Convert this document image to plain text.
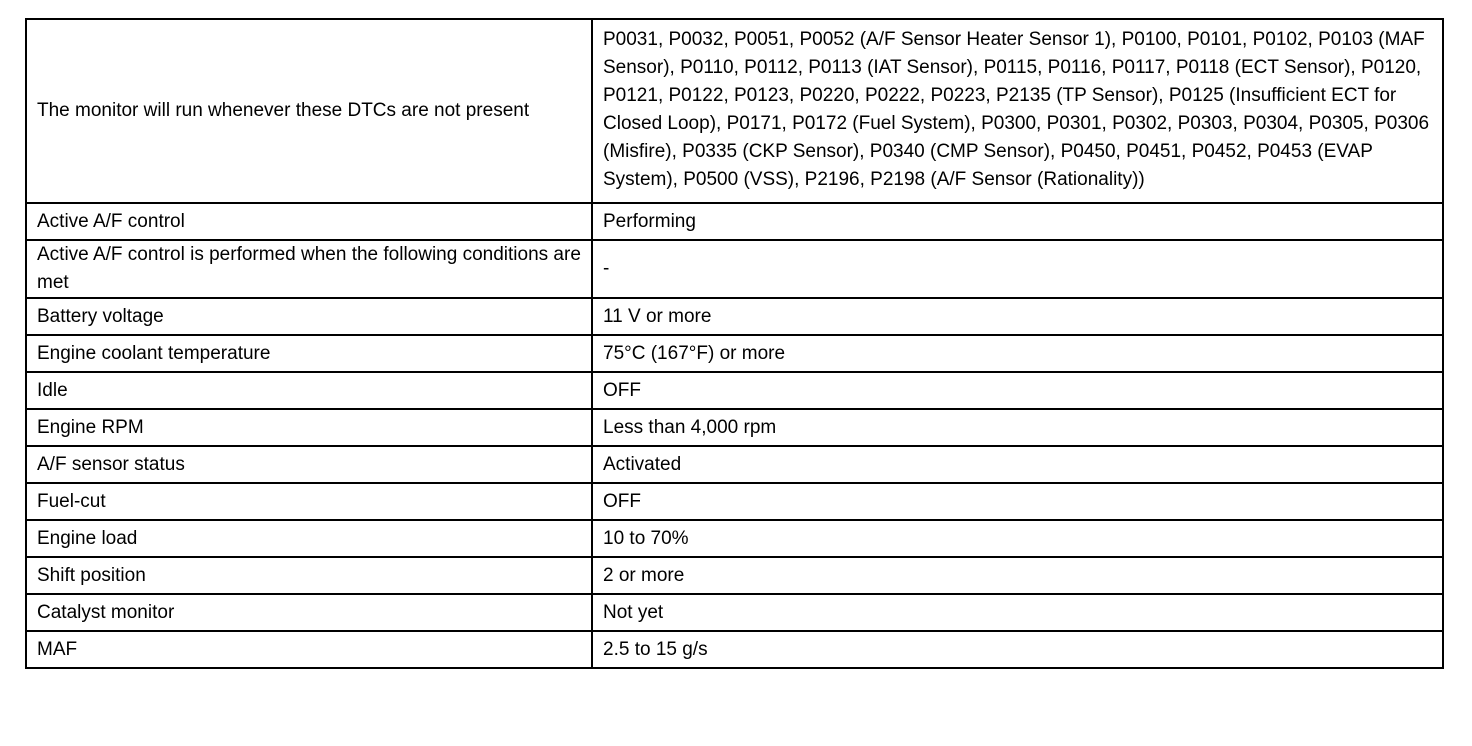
The monitor will run whenever these DTCs are not present	P0031, P0032, P0051, P0052 (A/F Sensor Heater Sensor 1), P0100, P0101, P0102, P0103 (MAF Sensor), P0110, P0112, P0113 (IAT Sensor), P0115, P0116, P0117, P0118 (ECT Sensor), P0120, P0121, P0122, P0123, P0220, P0222, P0223, P2135 (TP Sensor), P0125 (Insufficient ECT for Closed Loop), P0171, P0172 (Fuel System), P0300, P0301, P0302, P0303, P0304, P0305, P0306 (Misfire), P0335 (CKP Sensor), P0340 (CMP Sensor), P0450, P0451, P0452, P0453 (EVAP System), P0500 (VSS), P2196, P2198 (A/F Sensor (Rationality))
Active A/F control	Performing
Active A/F control is performed when the following conditions are met	-
Battery voltage	11 V or more
Engine coolant temperature	75°C (167°F) or more
Idle	OFF
Engine RPM	Less than 4,000 rpm
A/F sensor status	Activated
Fuel-cut	OFF
Engine load	10 to 70%
Shift position	2 or more
Catalyst monitor	Not yet
MAF	2.5 to 15 g/s
